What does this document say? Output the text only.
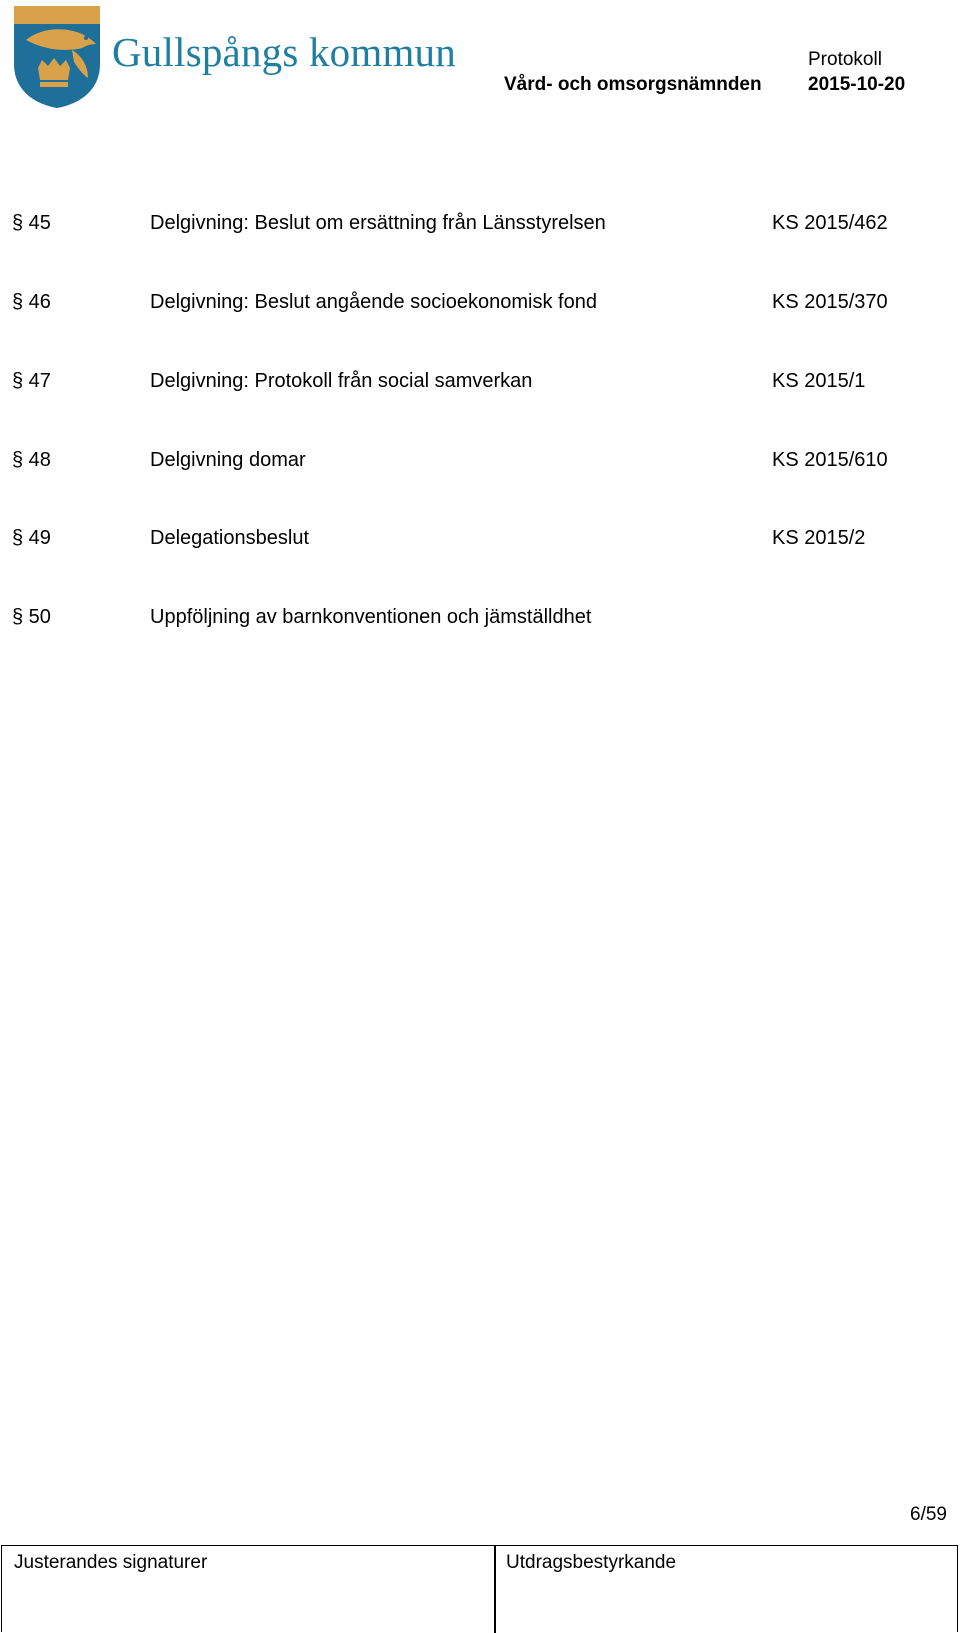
Gullspångs kommun	Protokoll
Vård- och omsorgsnämnden 2015-10-20
§ 45	Delgivning: Beslut om ersättning från Länsstyrelsen	KS 2015/462
§ 46	Delgivning: Beslut angående socioekonomisk fond	KS 2015/370
§ 47	Delgivning: Protokoll från social samverkan	KS 2015/1
§ 48	Delgivning domar	KS 2015/610
§ 49	Delegationsbeslut	KS 2015/2
§ 50	Uppföljning av barnkonventionen och jämställdhet
6/59
Justerandes signaturer	Utdragsbestyrkande
